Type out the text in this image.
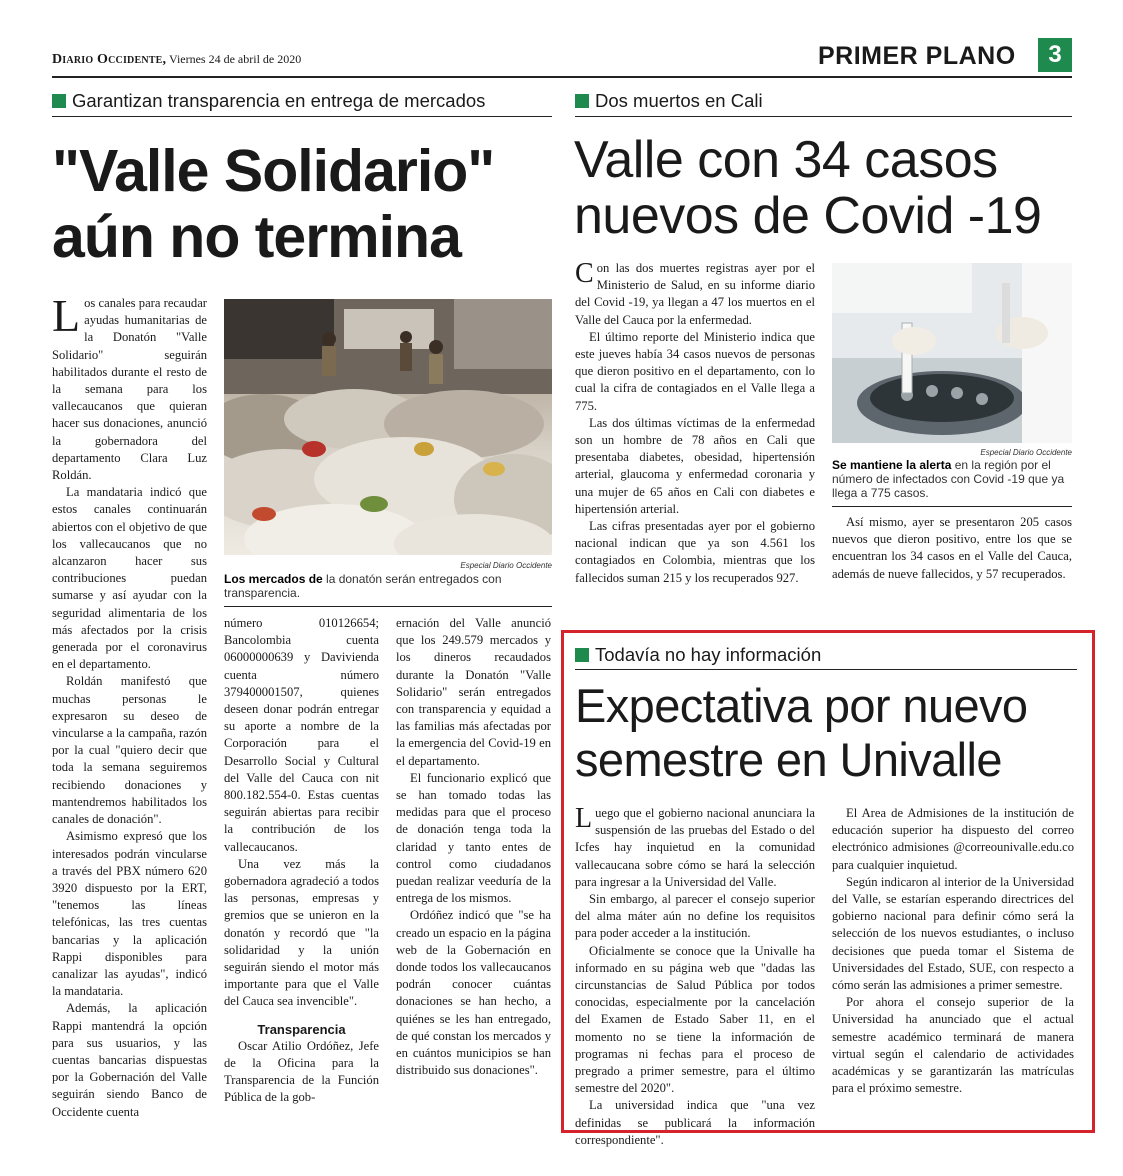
Diario Occidente, Viernes 24 de abril de 2020	PRIMER PLANO	3
Garantizan transparencia en entrega de mercados
"Valle Solidario"
aún no termina
Especial Diario Occidente
Los mercados de la donatón serán entregados con transparencia.

Los canales para recaudar ayudas humanitarias de la Donatón "Valle Solidario" seguirán habilitados durante el resto de la semana para los vallecaucanos que quieran hacer sus donaciones, anunció la gobernadora del departamento Clara Luz Roldán.

La mandataria indicó que estos canales continuarán abiertos con el objetivo de que los vallecaucanos que no alcanzaron hacer sus contribuciones puedan sumarse y así ayudar con la seguridad alimentaria de los más afectados por la crisis generada por el coronavirus en el departamento.

Roldán manifestó que muchas personas le expresaron su deseo de vincularse a la campaña, razón por la cual "quiero decir que toda la semana seguiremos recibiendo donaciones y mantendremos habilitados los canales de donación".

Asimismo expresó que los interesados podrán vincularse a través del PBX número 620 3920 dispuesto por la ERT, "tenemos las líneas telefónicas, las tres cuentas bancarias y la aplicación Rappi disponibles para canalizar las ayudas", indicó la mandataria.

Además, la aplicación Rappi mantendrá la opción para sus usuarios, y las cuentas bancarias dispuestas por la Gobernación del Valle seguirán siendo Banco de Occidente cuenta

número 010126654; Bancolombia cuenta 06000000639 y Davivienda cuenta número 379400001507, quienes deseen donar podrán entregar su aporte a nombre de la Corporación para el Desarrollo Social y Cultural del Valle del Cauca con nit 800.182.554-0. Estas cuentas seguirán abiertas para recibir la contribución de los vallecaucanos.

Una vez más la gobernadora agradeció a todos las personas, empresas y gremios que se unieron en la donatón y recordó que "la solidaridad y la unión seguirán siendo el motor más importante para que el Valle del Cauca sea invencible".

Transparencia

Oscar Atilio Ordóñez, Jefe de la Oficina para la Transparencia de la Función Pública de la gob-

ernación del Valle anunció que los 249.579 mercados y los dineros recaudados durante la Donatón "Valle Solidario" serán entregados con transparencia y equidad a las familias más afectadas por la emergencia del Covid-19 en el departamento.

El funcionario explicó que se han tomado todas las medidas para que el proceso de donación tenga toda la claridad y tanto entes de control como ciudadanos puedan realizar veeduría de la entrega de los mismos.

Ordóñez indicó que "se ha creado un espacio en la página web de la Gobernación en donde todos los vallecaucanos podrán conocer cuántas donaciones se han hecho, a quiénes se les han entregado, de qué constan los mercados y en cuántos municipios se han distribuido sus donaciones".

Dos muertos en Cali
Valle con 34 casos
nuevos de Covid -19

Con las dos muertes registras ayer por el Ministerio de Salud, en su informe diario del Covid -19, ya llegan a 47 los muertos en el Valle del Cauca por la enfermedad.

El último reporte del Ministerio indica que este jueves había 34 casos nuevos de personas que dieron positivo en el departamento, con lo cual la cifra de contagiados en el Valle llega a 775.

Las dos últimas víctimas de la enfermedad son un hombre de 78 años en Cali que presentaba diabetes, obesidad, hipertensión arterial, glaucoma y enfermedad coronaria y una mujer de 65 años en Cali con diabetes e hipertensión arterial.

Las cifras presentadas ayer por el gobierno nacional indican que ya son 4.561 los contagiados en Colombia, mientras que los fallecidos suman 215 y los recuperados 927.

Especial Diario Occidente
Se mantiene la alerta en la región por el número de infectados con Covid -19 que ya llega a 775 casos.

Así mismo, ayer se presentaron 205 casos nuevos que dieron positivo, entre los que se encuentran los 34 casos en el Valle del Cauca, además de nueve fallecidos, y 57 recuperados.

Todavía no hay información
Expectativa por nuevo
semestre en Univalle

Luego que el gobierno nacional anunciara la suspensión de las pruebas del Estado o del Icfes hay inquietud en la comunidad vallecaucana sobre cómo se hará la selección para ingresar a la Universidad del Valle.

Sin embargo, al parecer el consejo superior del alma máter aún no define los requisitos para poder acceder a la institución.

Oficialmente se conoce que la Univalle ha informado en su página web que "dadas las circunstancias de Salud Pública por todos conocidas, especialmente por la cancelación del Examen de Estado Saber 11, en el momento no se tiene la información de programas ni fechas para el proceso de pregrado a primer semestre, para el último semestre del 2020".

La universidad indica que "una vez definidas se publicará la información correspondiente".

El Area de Admisiones de la institución de educación superior ha dispuesto del correo electrónico admisiones @correounivalle.edu.co para cualquier inquietud.

Según indicaron al interior de la Universidad del Valle, se estarían esperando directrices del gobierno nacional para definir cómo será la selección de los nuevos estudiantes, o incluso decisiones que pueda tomar el Sistema de Universidades del Estado, SUE, con respecto a cómo serán las admisiones a primer semestre.

Por ahora el consejo superior de la Universidad ha anunciado que el actual semestre académico terminará de manera virtual según el calendario de actividades académicas y se garantizarán las matrículas para el próximo semestre.
